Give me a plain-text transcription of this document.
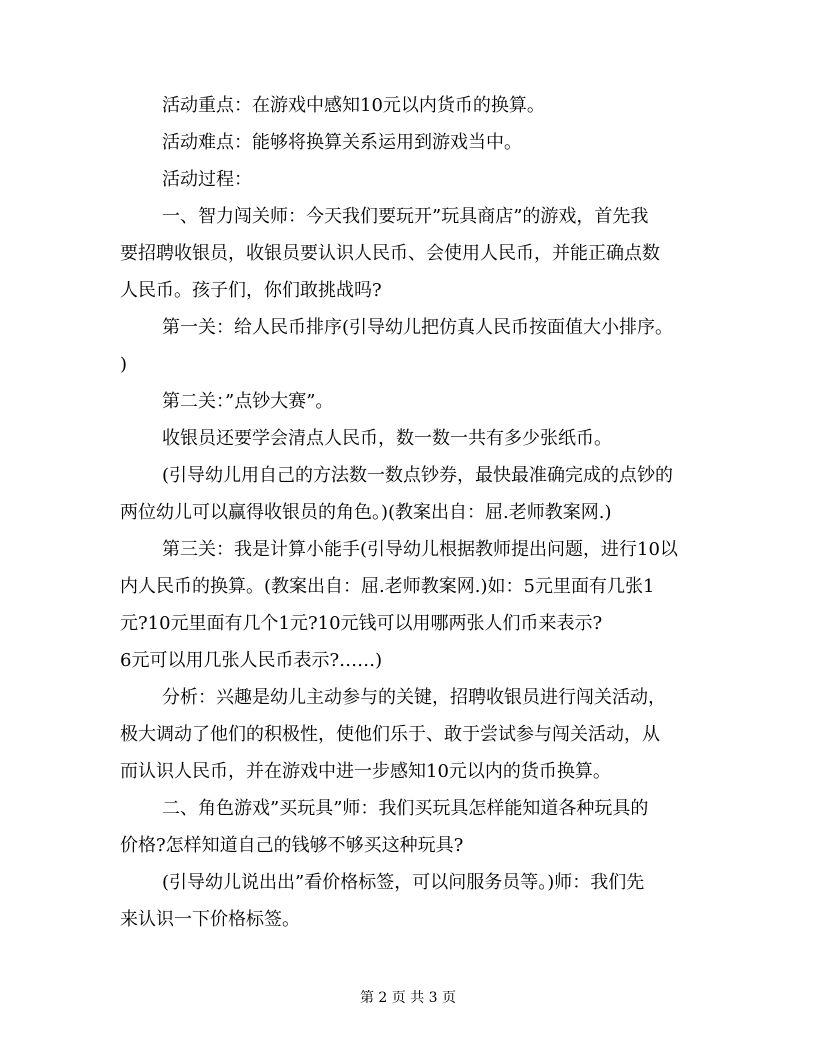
活动重点：在游戏中感知10元以内货币的换算。
活动难点：能够将换算关系运用到游戏当中。
活动过程：
一、智力闯关师：今天我们要玩开”玩具商店”的游戏，首先我
要招聘收银员，收银员要认识人民币、会使用人民币，并能正确点数
人民币。孩子们，你们敢挑战吗?
第一关：给人民币排序(引导幼儿把仿真人民币按面值大小排序。
)
第二关：”点钞大赛”。
收银员还要学会清点人民币，数一数一共有多少张纸币。
(引导幼儿用自己的方法数一数点钞券，最快最准确完成的点钞的
两位幼儿可以赢得收银员的角色。)(教案出自：屈.老师教案网.)
第三关：我是计算小能手(引导幼儿根据教师提出问题，进行10以
内人民币的换算。(教案出自：屈.老师教案网.)如：5元里面有几张1
元?10元里面有几个1元?10元钱可以用哪两张人们币来表示?
6元可以用几张人民币表示?……)
分析：兴趣是幼儿主动参与的关键，招聘收银员进行闯关活动，
极大调动了他们的积极性，使他们乐于、敢于尝试参与闯关活动，从
而认识人民币，并在游戏中进一步感知10元以内的货币换算。
二、角色游戏”买玩具”师：我们买玩具怎样能知道各种玩具的
价格?怎样知道自己的钱够不够买这种玩具?
(引导幼儿说出出”看价格标签，可以问服务员等。)师：我们先
来认识一下价格标签。
第 2 页 共 3 页
